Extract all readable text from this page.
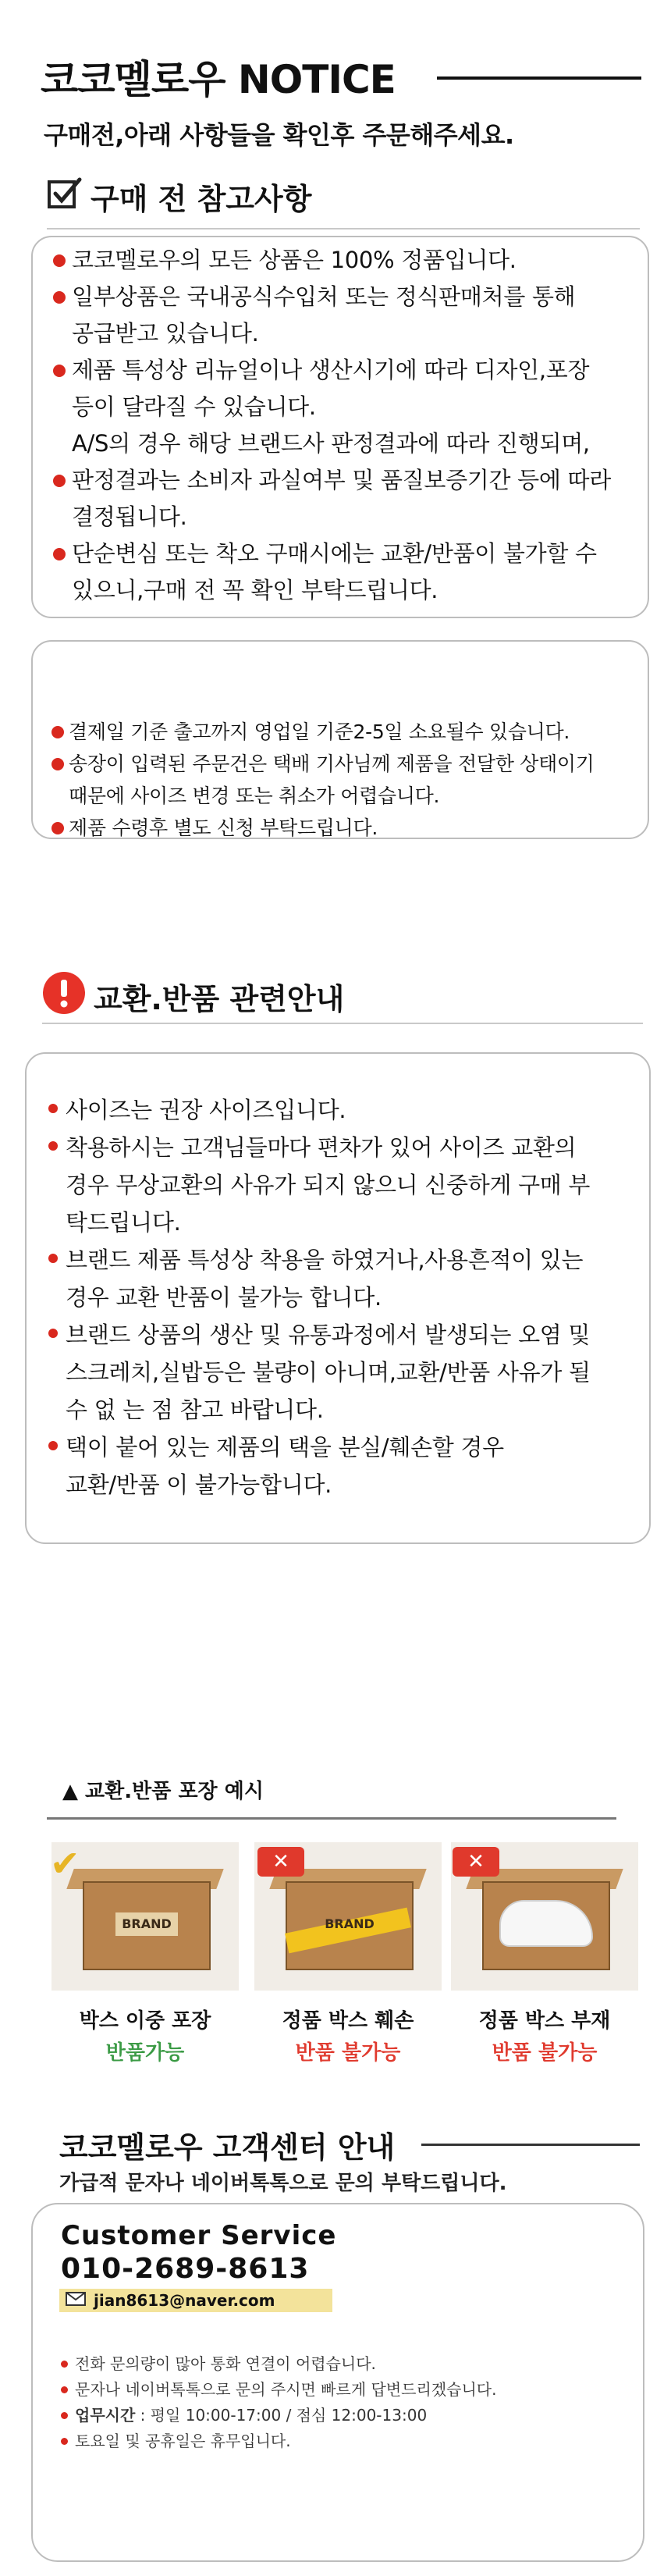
코코멜로우 NOTICE
구매전,아래 사항들을 확인후 주문해주세요.
구매 전 참고사항
코코멜로우의 모든 상품은 100% 정품입니다.
일부상품은 국내공식수입처 또는 정식판매처를 통해
공급받고 있습니다.
제품 특성상 리뉴얼이나 생산시기에 따라 디자인,포장
등이 달라질 수 있습니다.
A/S의 경우 해당 브랜드사 판정결과에 따라 진행되며,
판정결과는 소비자 과실여부 및 품질보증기간 등에 따라
결정됩니다.
단순변심 또는 착오 구매시에는 교환/반품이 불가할 수
있으니,구매 전 꼭 확인 부탁드립니다.
결제일 기준 출고까지 영업일 기준2-5일 소요될수 있습니다.
송장이 입력된 주문건은 택배 기사님께 제품을 전달한 상태이기
때문에 사이즈 변경 또는 취소가 어렵습니다.
제품 수령후 별도 신청 부탁드립니다.
교환.반품 관련안내
사이즈는 권장 사이즈입니다.
착용하시는 고객님들마다 편차가 있어 사이즈 교환의
경우 무상교환의 사유가 되지 않으니 신중하게 구매 부
탁드립니다.
브랜드 제품 특성상 착용을 하였거나,사용흔적이 있는
경우 교환 반품이 불가능 합니다.
브랜드 상품의 생산 및 유통과정에서 발생되는 오염 및
스크레치,실밥등은 불량이 아니며,교환/반품 사유가 될
수 없 는 점 참고 바랍니다.
택이 붙어 있는 제품의 택을 분실/훼손할 경우
교환/반품 이 불가능합니다.
▲ 교환.반품 포장 예시
✔	✕	✕
BRAND
박스 이중 포장
반품가능
BRAND
정품 박스 훼손
반품 불가능
정품 박스 부재
반품 불가능
코코멜로우 고객센터 안내
가급적 문자나 네이버톡톡으로 문의 부탁드립니다.
전화 문의량이 많아 통화 연결이 어렵습니다.
문자나 네이버톡톡으로 문의 주시면 빠르게 답변드리겠습니다.
업무시간 : 평일 10:00-17:00 / 점심 12:00-13:00
토요일 및 공휴일은 휴무입니다.
Customer Service
010-2689-8613
jian8613@naver.com
